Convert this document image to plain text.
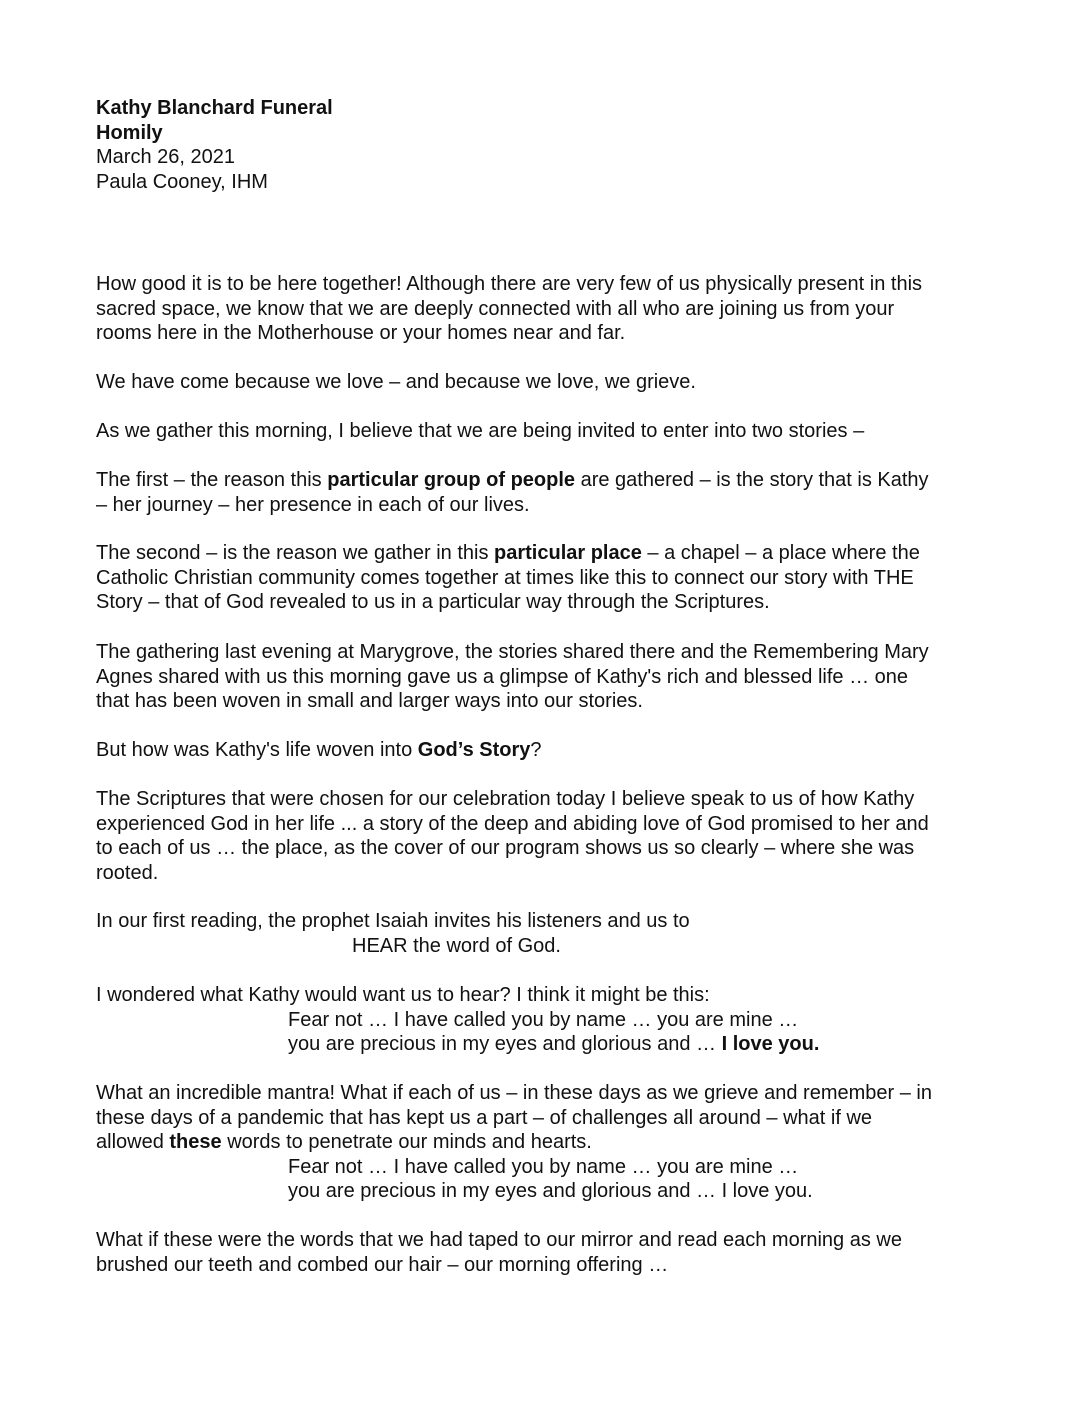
Kathy Blanchard Funeral
Homily
March 26, 2021
Paula Cooney, IHM

How good it is to be here together! Although there are very few of us physically present in this
sacred space, we know that we are deeply connected with all who are joining us from your
rooms here in the Motherhouse or your homes near and far.

We have come because we love – and because we love, we grieve.

As we gather this morning, I believe that we are being invited to enter into two stories –

The first – the reason this particular group of people are gathered – is the story that is Kathy
– her journey – her presence in each of our lives.

The second – is the reason we gather in this particular place – a chapel – a place where the
Catholic Christian community comes together at times like this to connect our story with THE
Story – that of God revealed to us in a particular way through the Scriptures.

The gathering last evening at Marygrove, the stories shared there and the Remembering Mary
Agnes shared with us this morning gave us a glimpse of Kathy's rich and blessed life … one
that has been woven in small and larger ways into our stories.

But how was Kathy's life woven into God’s Story?

The Scriptures that were chosen for our celebration today I believe speak to us of how Kathy
experienced God in her life ... a story of the deep and abiding love of God promised to her and
to each of us … the place, as the cover of our program shows us so clearly – where she was
rooted.

In our first reading, the prophet Isaiah invites his listeners and us to
HEAR the word of God.

I wondered what Kathy would want us to hear? I think it might be this:
Fear not … I have called you by name … you are mine …
you are precious in my eyes and glorious and … I love you.

What an incredible mantra! What if each of us – in these days as we grieve and remember – in
these days of a pandemic that has kept us a part – of challenges all around – what if we
allowed these words to penetrate our minds and hearts.
Fear not … I have called you by name … you are mine …
you are precious in my eyes and glorious and … I love you.

What if these were the words that we had taped to our mirror and read each morning as we
brushed our teeth and combed our hair – our morning offering …
